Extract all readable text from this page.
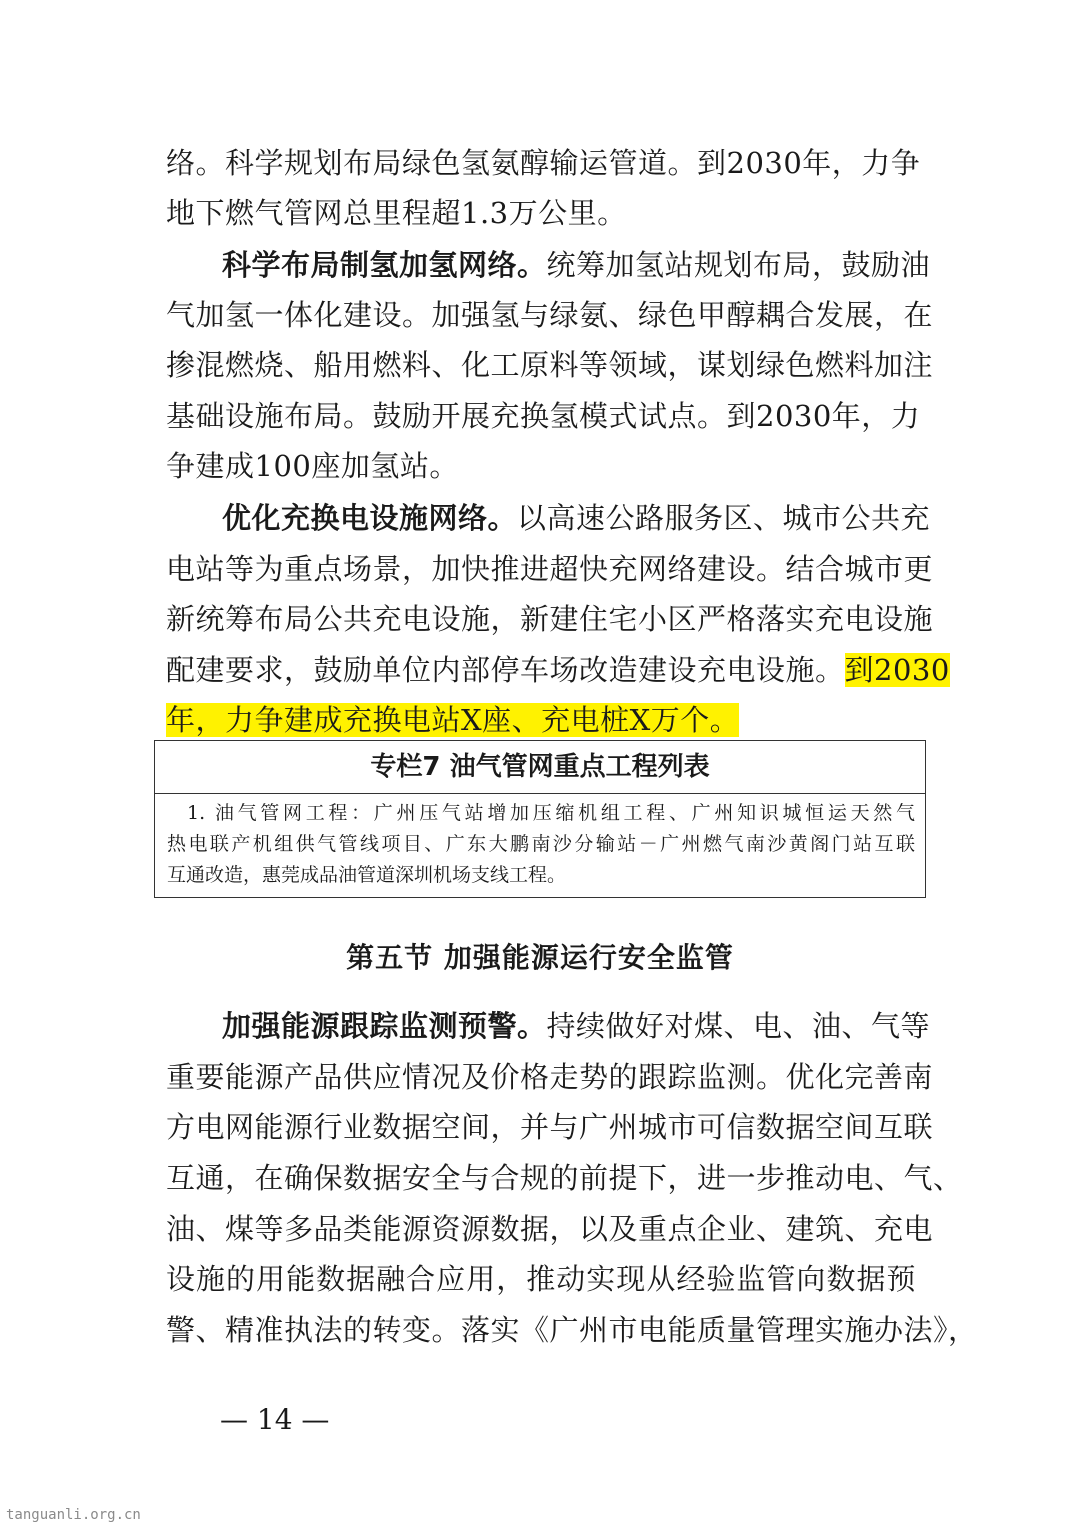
络。科学规划布局绿色氢氨醇输运管道。到2030年，力争
地下燃气管网总里程超1.3万公里。
科学布局制氢加氢网络。统筹加氢站规划布局，鼓励油
气加氢一体化建设。加强氢与绿氨、绿色甲醇耦合发展，在
掺混燃烧、船用燃料、化工原料等领域，谋划绿色燃料加注
基础设施布局。鼓励开展充换氢模式试点。到2030年，力
争建成100座加氢站。
优化充换电设施网络。以高速公路服务区、城市公共充
电站等为重点场景，加快推进超快充网络建设。结合城市更
新统筹布局公共充电设施，新建住宅小区严格落实充电设施
配建要求，鼓励单位内部停车场改造建设充电设施。到2030
年，力争建成充换电站X座、充电桩X万个。
专栏7 油气管网重点工程列表
1. 油气管网工程：广州压气站增加压缩机组工程、广州知识城恒运天然气
热电联产机组供气管线项目、广东大鹏南沙分输站－广州燃气南沙黄阁门站互联
互通改造，惠莞成品油管道深圳机场支线工程。
第五节 加强能源运行安全监管
加强能源跟踪监测预警。持续做好对煤、电、油、气等
重要能源产品供应情况及价格走势的跟踪监测。优化完善南
方电网能源行业数据空间，并与广州城市可信数据空间互联
互通，在确保数据安全与合规的前提下，进一步推动电、气、
油、煤等多品类能源资源数据，以及重点企业、建筑、充电
设施的用能数据融合应用，推动实现从经验监管向数据预
警、精准执法的转变。落实《广州市电能质量管理实施办法》，
— 14 —
tanguanli.org.cn
